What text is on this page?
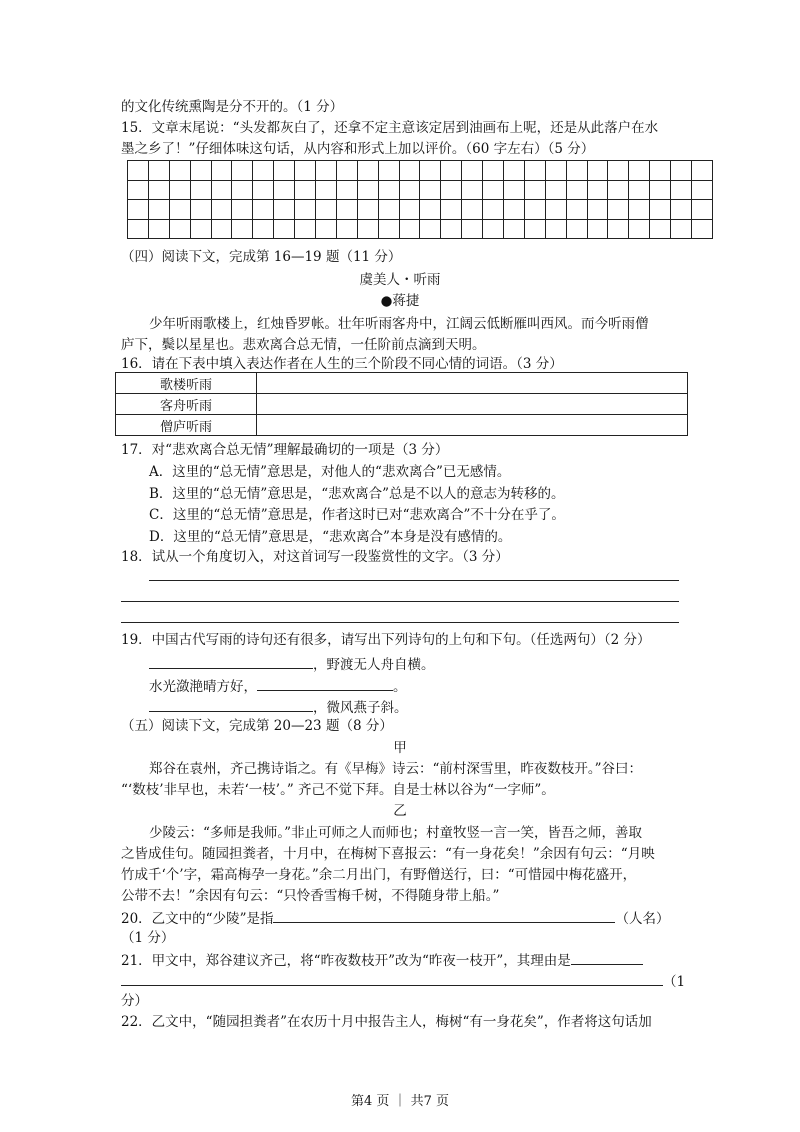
的文化传统熏陶是分不开的。（1 分）
15．文章末尾说：“头发都灰白了，还拿不定主意该定居到油画布上呢，还是从此落户在水
墨之乡了！”仔细体味这句话，从内容和形式上加以评价。（60 字左右）（5 分）

（四）阅读下文，完成第 16—19 题（11 分）
虞美人・听雨
●蒋捷
少年听雨歌楼上，红烛昏罗帐。壮年听雨客舟中，江阔云低断雁叫西风。而今听雨僧
庐下，鬓以星星也。悲欢离合总无情，一任阶前点滴到天明。
16．请在下表中填入表达作者在人生的三个阶段不同心情的词语。（3 分）
歌楼听雨	
客舟听雨	
僧庐听雨	
17．对“悲欢离合总无情”理解最确切的一项是（3 分）
A．这里的“总无情”意思是，对他人的“悲欢离合”已无感情。
B．这里的“总无情”意思是，“悲欢离合”总是不以人的意志为转移的。
C．这里的“总无情”意思是，作者这时已对“悲欢离合”不十分在乎了。
D．这里的“总无情”意思是，“悲欢离合”本身是没有感情的。
18．试从一个角度切入，对这首词写一段鉴赏性的文字。（3 分）
19．中国古代写雨的诗句还有很多，请写出下列诗句的上句和下句。（任选两句）（2 分）
，野渡无人舟自横。
水光潋滟晴方好，	。
，微风燕子斜。
（五）阅读下文，完成第 20—23 题（8 分）
甲
郑谷在袁州，齐己携诗诣之。有《早梅》诗云：“前村深雪里，昨夜数枝开。”谷曰：
“‘数枝’非早也，未若‘一枝’。” 齐己不觉下拜。自是士林以谷为“一字师”。
乙
少陵云：“多师是我师。”非止可师之人而师也；村童牧竖一言一笑，皆吾之师，善取
之皆成佳句。随园担粪者，十月中，在梅树下喜报云：“有一身花矣！”余因有句云：“月映
竹成千‘个’字，霜高梅孕一身花。”余二月出门，有野僧送行，曰：“可惜园中梅花盛开，
公带不去！”余因有句云：“只怜香雪梅千树，不得随身带上船。”
20．乙文中的“少陵”是指	（人名）
（1 分）
21．甲文中，郑谷建议齐己，将“昨夜数枝开”改为“昨夜一枝开”，其理由是
（1
分）
22．乙文中，“随园担粪者”在农历十月中报告主人，梅树“有一身花矣”，作者将这句话加
第4 页 ｜ 共7 页
